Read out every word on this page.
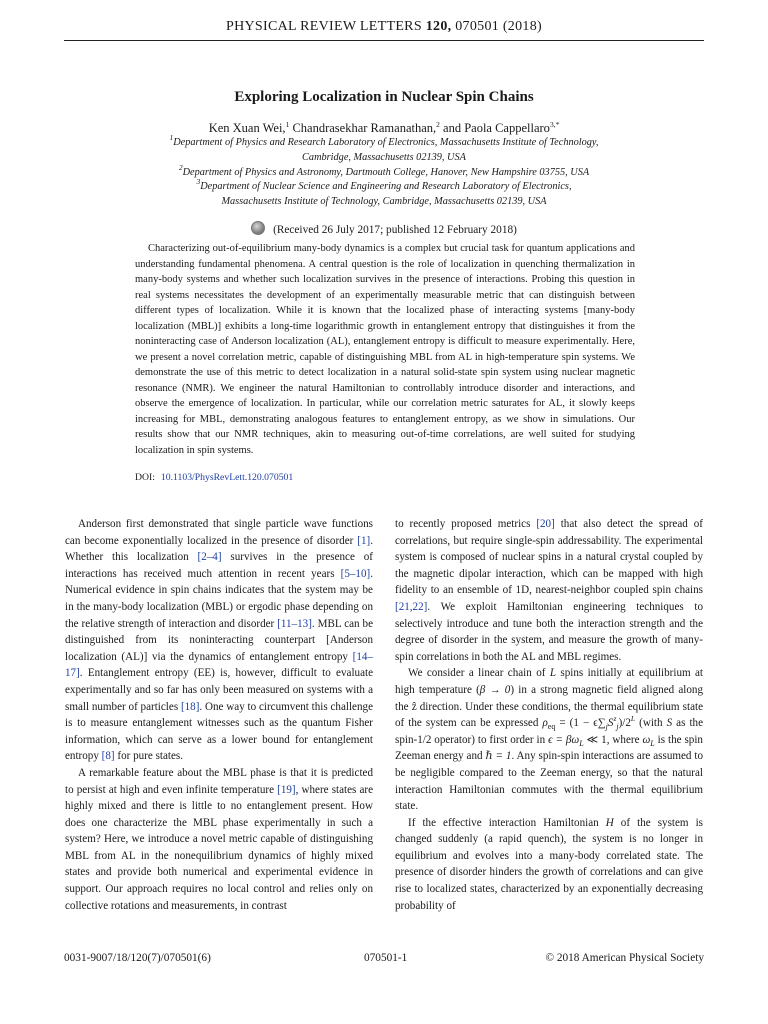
PHYSICAL REVIEW LETTERS 120, 070501 (2018)
Exploring Localization in Nuclear Spin Chains
Ken Xuan Wei,$^1$ Chandrasekhar Ramanathan,$^2$ and Paola Cappellaro$^{3,*}$
$^1$Department of Physics and Research Laboratory of Electronics, Massachusetts Institute of Technology,
Cambridge, Massachusetts 02139, USA
$^2$Department of Physics and Astronomy, Dartmouth College, Hanover, New Hampshire 03755, USA
$^3$Department of Nuclear Science and Engineering and Research Laboratory of Electronics,
Massachusetts Institute of Technology, Cambridge, Massachusetts 02139, USA
(Received 26 July 2017; published 12 February 2018)
Characterizing out-of-equilibrium many-body dynamics is a complex but crucial task for quantum applications and understanding fundamental phenomena. A central question is the role of localization in quenching thermalization in many-body systems and whether such localization survives in the presence of interactions. Probing this question in real systems necessitates the development of an experimentally measurable metric that can distinguish between different types of localization. While it is known that the localized phase of interacting systems [many-body localization (MBL)] exhibits a long-time logarithmic growth in entanglement entropy that distinguishes it from the noninteracting case of Anderson localization (AL), entanglement entropy is difficult to measure experimentally. Here, we present a novel correlation metric, capable of distinguishing MBL from AL in high-temperature spin systems. We demonstrate the use of this metric to detect localization in a natural solid-state spin system using nuclear magnetic resonance (NMR). We engineer the natural Hamiltonian to controllably introduce disorder and interactions, and observe the emergence of localization. In particular, while our correlation metric saturates for AL, it slowly keeps increasing for MBL, demonstrating analogous features to entanglement entropy, as we show in simulations. Our results show that our NMR techniques, akin to measuring out-of-time correlations, are well suited for studying localization in spin systems.
DOI: 10.1103/PhysRevLett.120.070501

Anderson first demonstrated that single particle wave functions can become exponentially localized in the presence of disorder [1]. Whether this localization [2–4] survives in the presence of interactions has received much attention in recent years [5–10]. Numerical evidence in spin chains indicates that the system may be in the many-body localization (MBL) or ergodic phase depending on the relative strength of interaction and disorder [11–13]. MBL can be distinguished from its noninteracting counterpart [Anderson localization (AL)] via the dynamics of entanglement entropy [14–17]. Entanglement entropy (EE) is, however, difficult to evaluate experimentally and so far has only been measured on systems with a small number of particles [18]. One way to circumvent this challenge is to measure entanglement witnesses such as the quantum Fisher information, which can serve as a lower bound for entanglement entropy [8] for pure states.

A remarkable feature about the MBL phase is that it is predicted to persist at high and even infinite temperature [19], where states are highly mixed and there is little to no entanglement present. How does one characterize the MBL phase experimentally in such a system? Here, we introduce a novel metric capable of distinguishing MBL from AL in the nonequilibrium dynamics of highly mixed states and provide both numerical and experimental evidence in support. Our approach requires no local control and relies only on collective rotations and measurements, in contrast

to recently proposed metrics [20] that also detect the spread of correlations, but require single-spin addressability. The experimental system is composed of nuclear spins in a natural crystal coupled by the magnetic dipolar interaction, which can be mapped with high fidelity to an ensemble of 1D, nearest-neighbor coupled spin chains [21,22]. We exploit Hamiltonian engineering techniques to selectively introduce and tune both the interaction strength and the degree of disorder in the system, and measure the growth of many-spin correlations in both the AL and MBL regimes.

We consider a linear chain of L spins initially at equilibrium at high temperature (β → 0) in a strong magnetic field aligned along the ẑ direction. Under these conditions, the thermal equilibrium state of the system can be expressed $\rho_{eq} = (1 - \epsilon\sum_jS^z_j)/2^L$ (with S as the spin-1/2 operator) to first order in $\epsilon = \beta\omega_L$ ≪ 1, where $\omega_L$ is the spin Zeeman energy and ℏ = 1. Any spin-spin interactions are assumed to be negligible compared to the Zeeman energy, so that the natural interaction Hamiltonian commutes with the thermal equilibrium state.

If the effective interaction Hamiltonian H of the system is changed suddenly (a rapid quench), the system is no longer in equilibrium and evolves into a many-body correlated state. The presence of disorder hinders the growth of correlations and can give rise to localized states, characterized by an exponentially decreasing probability of

0031-9007/18/120(7)/070501(6)	070501-1	© 2018 American Physical Society
